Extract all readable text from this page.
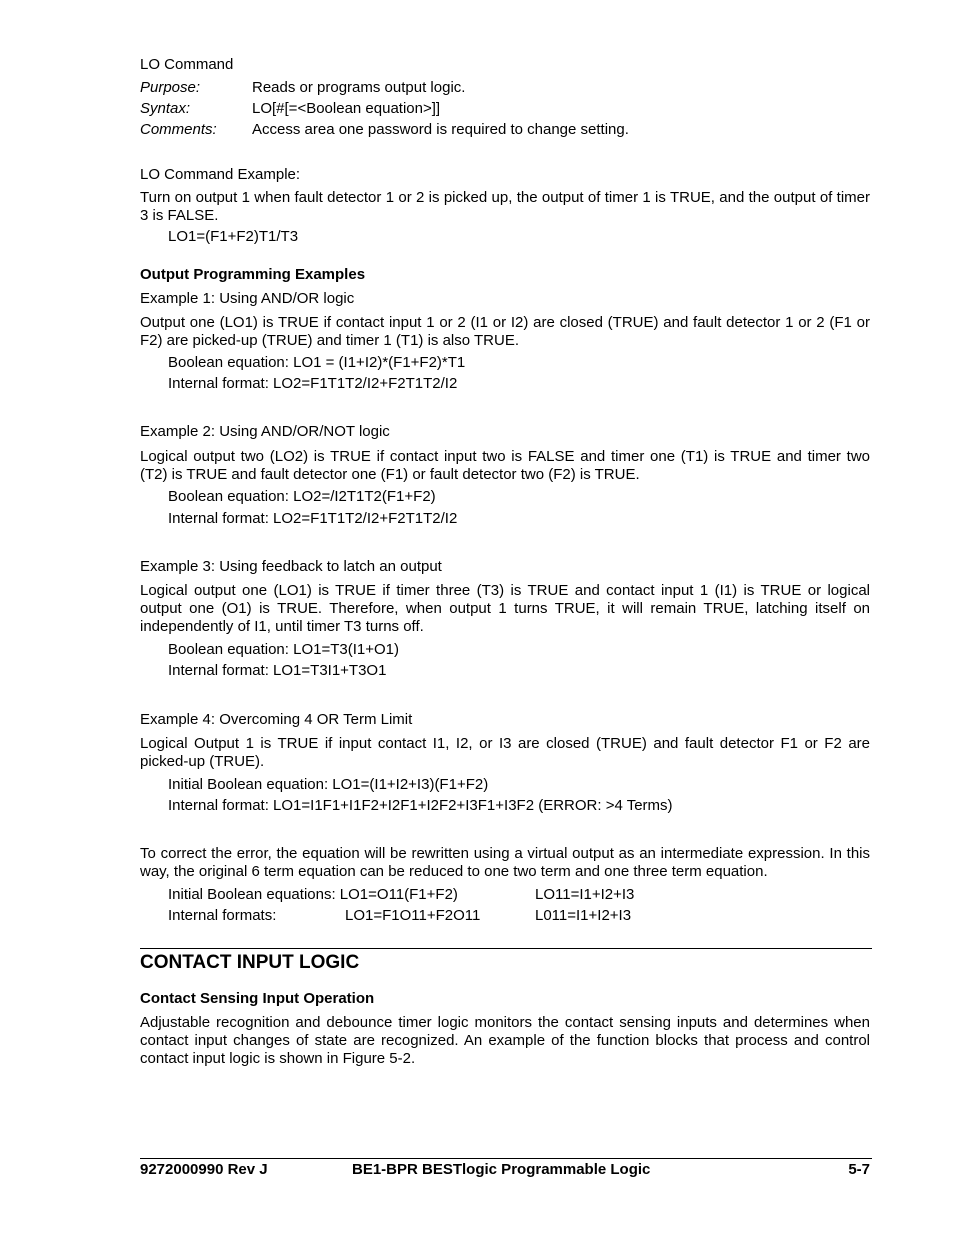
LO Command

Purpose:	Reads or programs output logic.
Syntax:	LO[#[=<Boolean equation>]]
Comments:	Access area one password is required to change setting.

LO Command Example:

Turn on output 1 when fault detector 1 or 2 is picked up, the output of timer 1 is TRUE, and the output of timer 3 is FALSE.

LO1=(F1+F2)T1/T3

Output Programming Examples

Example 1: Using AND/OR logic

Output one (LO1) is TRUE if contact input 1 or 2 (I1 or I2) are closed (TRUE) and fault detector 1 or 2 (F1 or F2) are picked-up (TRUE) and timer 1 (T1) is also TRUE.

Boolean equation: LO1 = (I1+I2)*(F1+F2)*T1

Internal format: LO2=F1T1T2/I2+F2T1T2/I2

Example 2: Using AND/OR/NOT logic

Logical output two (LO2) is TRUE if contact input two is FALSE and timer one (T1) is TRUE and timer two (T2) is TRUE and fault detector one (F1) or fault detector two (F2) is TRUE.

Boolean equation: LO2=/I2T1T2(F1+F2)

Internal format: LO2=F1T1T2/I2+F2T1T2/I2

Example 3: Using feedback to latch an output

Logical output one (LO1) is TRUE if timer three (T3) is TRUE and contact input 1 (I1) is TRUE or logical output one (O1) is TRUE. Therefore, when output 1 turns TRUE, it will remain TRUE, latching itself on independently of I1, until timer T3 turns off.

Boolean equation: LO1=T3(I1+O1)

Internal format: LO1=T3I1+T3O1

Example 4: Overcoming 4 OR Term Limit

Logical Output 1 is TRUE if input contact I1, I2, or I3 are closed (TRUE) and fault detector F1 or F2 are picked-up (TRUE).

Initial Boolean equation: LO1=(I1+I2+I3)(F1+F2)

Internal format: LO1=I1F1+I1F2+I2F1+I2F2+I3F1+I3F2 (ERROR: >4 Terms)

To correct the error, the equation will be rewritten using a virtual output as an intermediate expression. In this way, the original 6 term equation can be reduced to one two term and one three term equation.

Initial Boolean equations: LO1=O11(F1+F2)	LO11=I1+I2+I3
Internal formats:	LO1=F1O11+F2O11	L011=I1+I2+I3

CONTACT INPUT LOGIC

Contact Sensing Input Operation

Adjustable recognition and debounce timer logic monitors the contact sensing inputs and determines when contact input changes of state are recognized. An example of the function blocks that process and control contact input logic is shown in Figure 5-2.

9272000990 Rev J	BE1-BPR BESTlogic Programmable Logic	5-7
